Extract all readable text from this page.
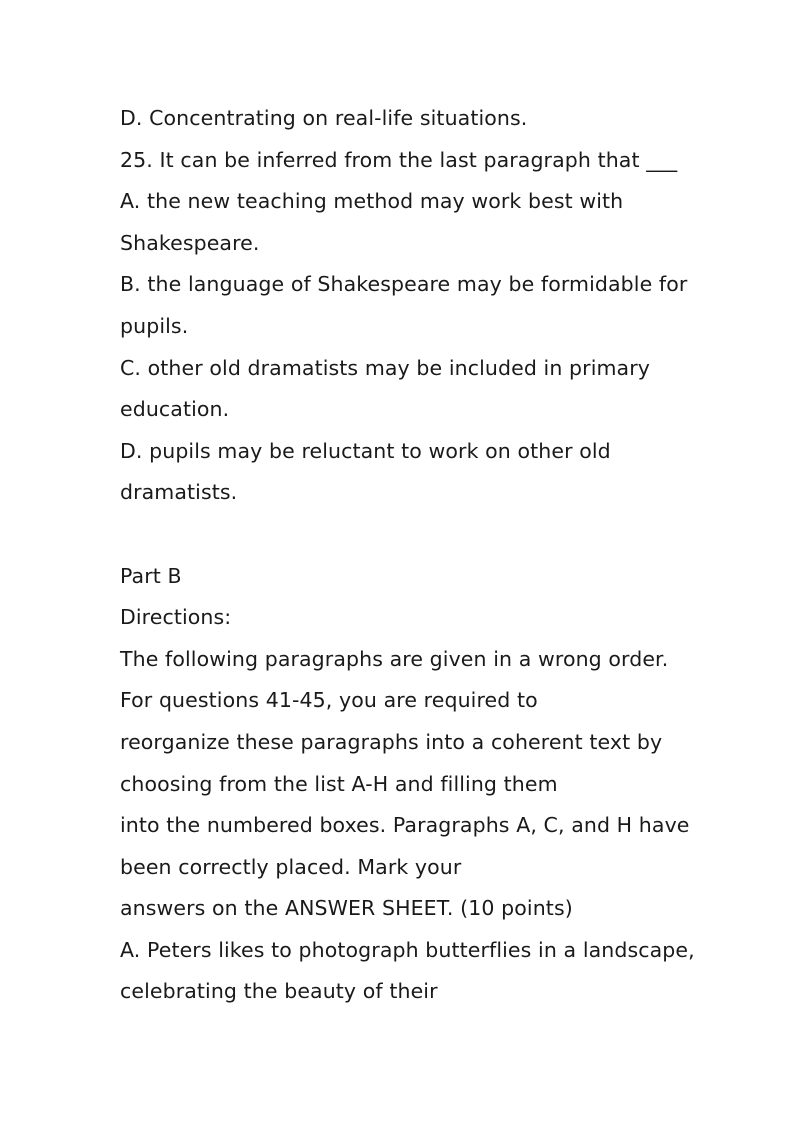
D. Concentrating on real-life situations.
25. It can be inferred from the last paragraph that ___
A. the new teaching method may work best with
Shakespeare.
B. the language of Shakespeare may be formidable for
pupils.
C. other old dramatists may be included in primary
education.
D. pupils may be reluctant to work on other old
dramatists.
Part B
Directions:
The following paragraphs are given in a wrong order.
For questions 41-45, you are required to
reorganize these paragraphs into a coherent text by
choosing from the list A-H and filling them
into the numbered boxes. Paragraphs A, C, and H have
been correctly placed. Mark your
answers on the ANSWER SHEET. (10 points)
A. Peters likes to photograph butterflies in a landscape,
celebrating the beauty of their
